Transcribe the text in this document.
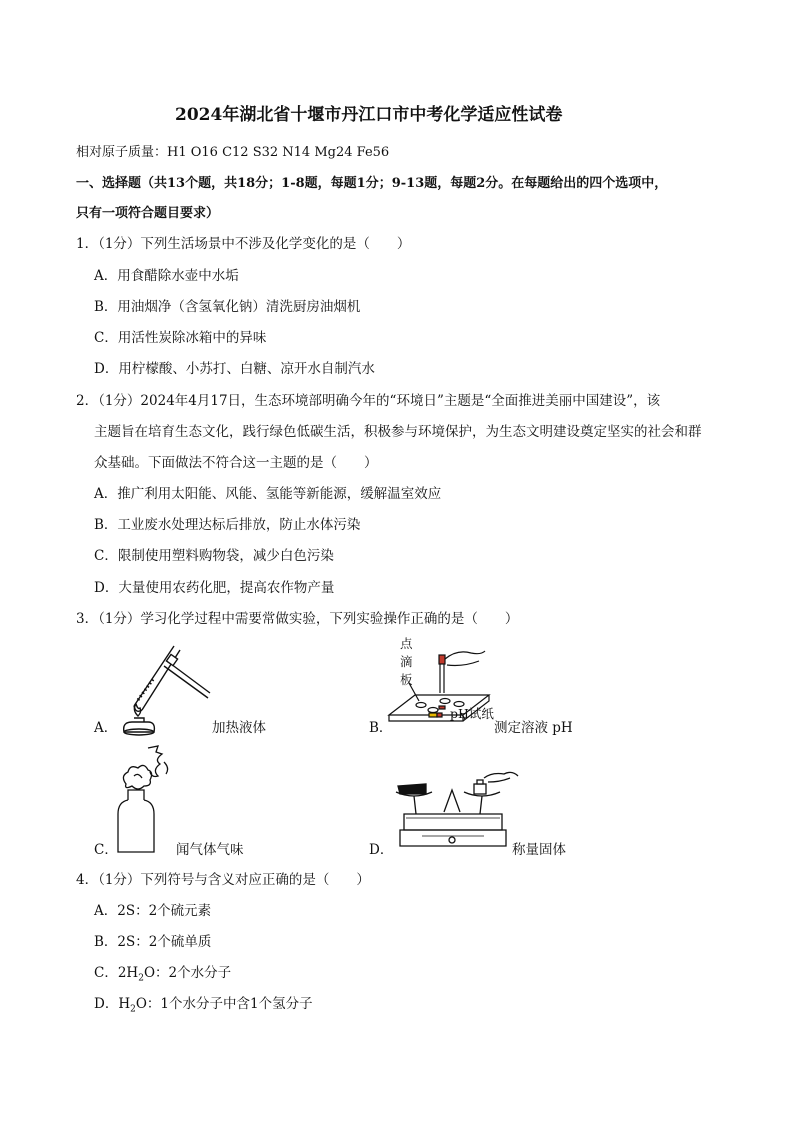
2024年湖北省十堰市丹江口市中考化学适应性试卷
相对原子质量：H1 O16 C12 S32 N14 Mg24 Fe56
一、选择题（共13个题，共18分；1-8题，每题1分；9-13题，每题2分。在每题给出的四个选项中，
只有一项符合题目要求）
1．（1分）下列生活场景中不涉及化学变化的是（　　）
A．用食醋除水壶中水垢
B．用油烟净（含氢氧化钠）清洗厨房油烟机
C．用活性炭除冰箱中的异味
D．用柠檬酸、小苏打、白糖、凉开水自制汽水
2．（1分）2024年4月17日，生态环境部明确今年的“环境日”主题是“全面推进美丽中国建设”，该
主题旨在培育生态文化，践行绿色低碳生活，积极参与环境保护，为生态文明建设奠定坚实的社会和群
众基础。下面做法不符合这一主题的是（　　）
A．推广利用太阳能、风能、氢能等新能源，缓解温室效应
B．工业废水处理达标后排放，防止水体污染
C．限制使用塑料购物袋，减少白色污染
D．大量使用农药化肥，提高农作物产量
3．（1分）学习化学过程中需要常做实验，下列实验操作正确的是（　　）
A．	加热液体
点
滴
板
pH试纸
B．	测定溶液 pH
C．	闻气体气味	D．	称量固体
4．（1分）下列符号与含义对应正确的是（　　）
A．2S：2个硫元素
B．2S：2个硫单质
C．$2H_2O$：2个水分子
D．$H_2O$：1个水分子中含1个氢分子
